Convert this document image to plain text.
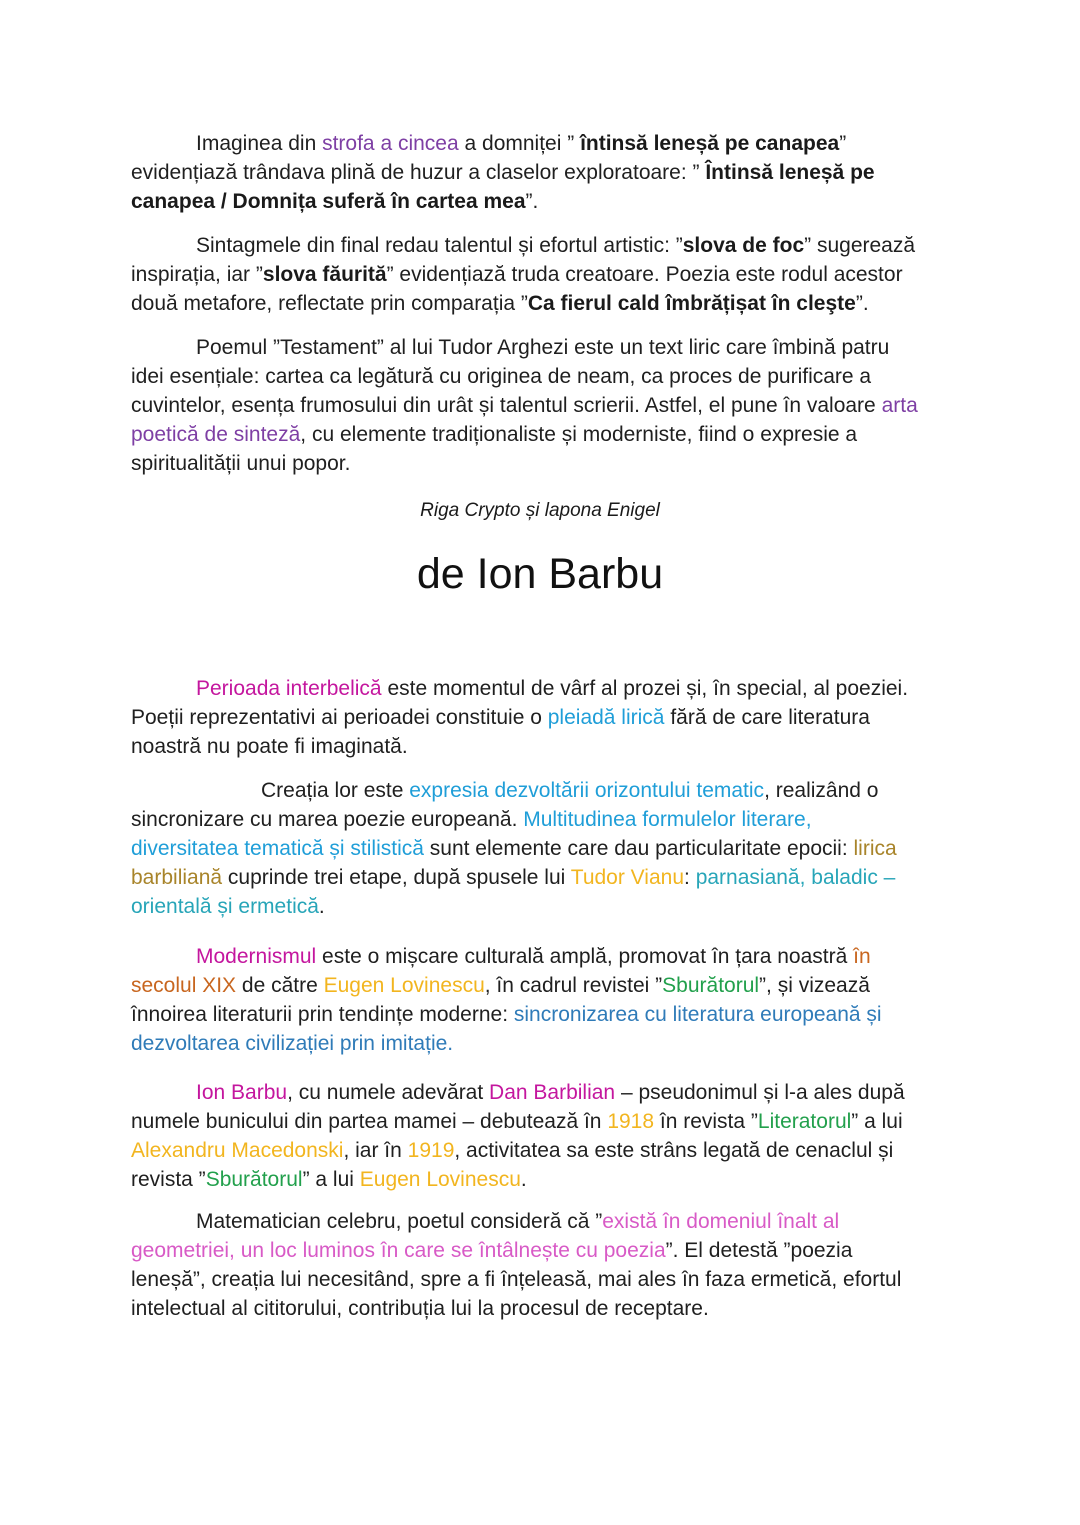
Imaginea din strofa a cincea a domniței ” întinsă leneșă pe canapea”
evidențiază trândava plină de huzur a claselor exploratoare: ” Întinsă leneșă pe
canapea / Domnița suferă în cartea mea”.

Sintagmele din final redau talentul și efortul artistic: ”slova de foc” sugerează
inspirația, iar ”slova făurită” evidențiază truda creatoare. Poezia este rodul acestor
două metafore, reflectate prin comparația ”Ca fierul cald îmbrățișat în cleşte”.

Poemul ”Testament” al lui Tudor Arghezi este un text liric care îmbină patru
idei esențiale: cartea ca legătură cu originea de neam, ca proces de purificare a
cuvintelor, esența frumosului din urât și talentul scrierii. Astfel, el pune în valoare arta
poetică de sinteză, cu elemente tradiționaliste și moderniste, fiind o expresie a
spiritualității unui popor.

Riga Crypto și lapona Enigel
de Ion Barbu

Perioada interbelică este momentul de vârf al prozei și, în special, al poeziei.
Poeții reprezentativi ai perioadei constituie o pleiadă lirică fără de care literatura
noastră nu poate fi imaginată.

Creația lor este expresia dezvoltării orizontului tematic, realizând o
sincronizare cu marea poezie europeană. Multitudinea formulelor literare,
diversitatea tematică și stilistică sunt elemente care dau particularitate epocii: lirica
barbiliană cuprinde trei etape, după spusele lui Tudor Vianu: parnasiană, baladic –
orientală și ermetică.

Modernismul este o mișcare culturală amplă, promovat în țara noastră în
secolul XIX de către Eugen Lovinescu, în cadrul revistei ”Sburătorul”, și vizează
înnoirea literaturii prin tendințe moderne: sincronizarea cu literatura europeană și
dezvoltarea civilizației prin imitație.

Ion Barbu, cu numele adevărat Dan Barbilian – pseudonimul și l-a ales după
numele bunicului din partea mamei – debutează în 1918 în revista ”Literatorul” a lui
Alexandru Macedonski, iar în 1919, activitatea sa este strâns legată de cenaclul și
revista ”Sburătorul” a lui Eugen Lovinescu.

Matematician celebru, poetul consideră că ”există în domeniul înalt al
geometriei, un loc luminos în care se întâlnește cu poezia”. El detestă ”poezia
leneșă”, creația lui necesitând, spre a fi înțeleasă, mai ales în faza ermetică, efortul
intelectual al cititorului, contribuția lui la procesul de receptare.
